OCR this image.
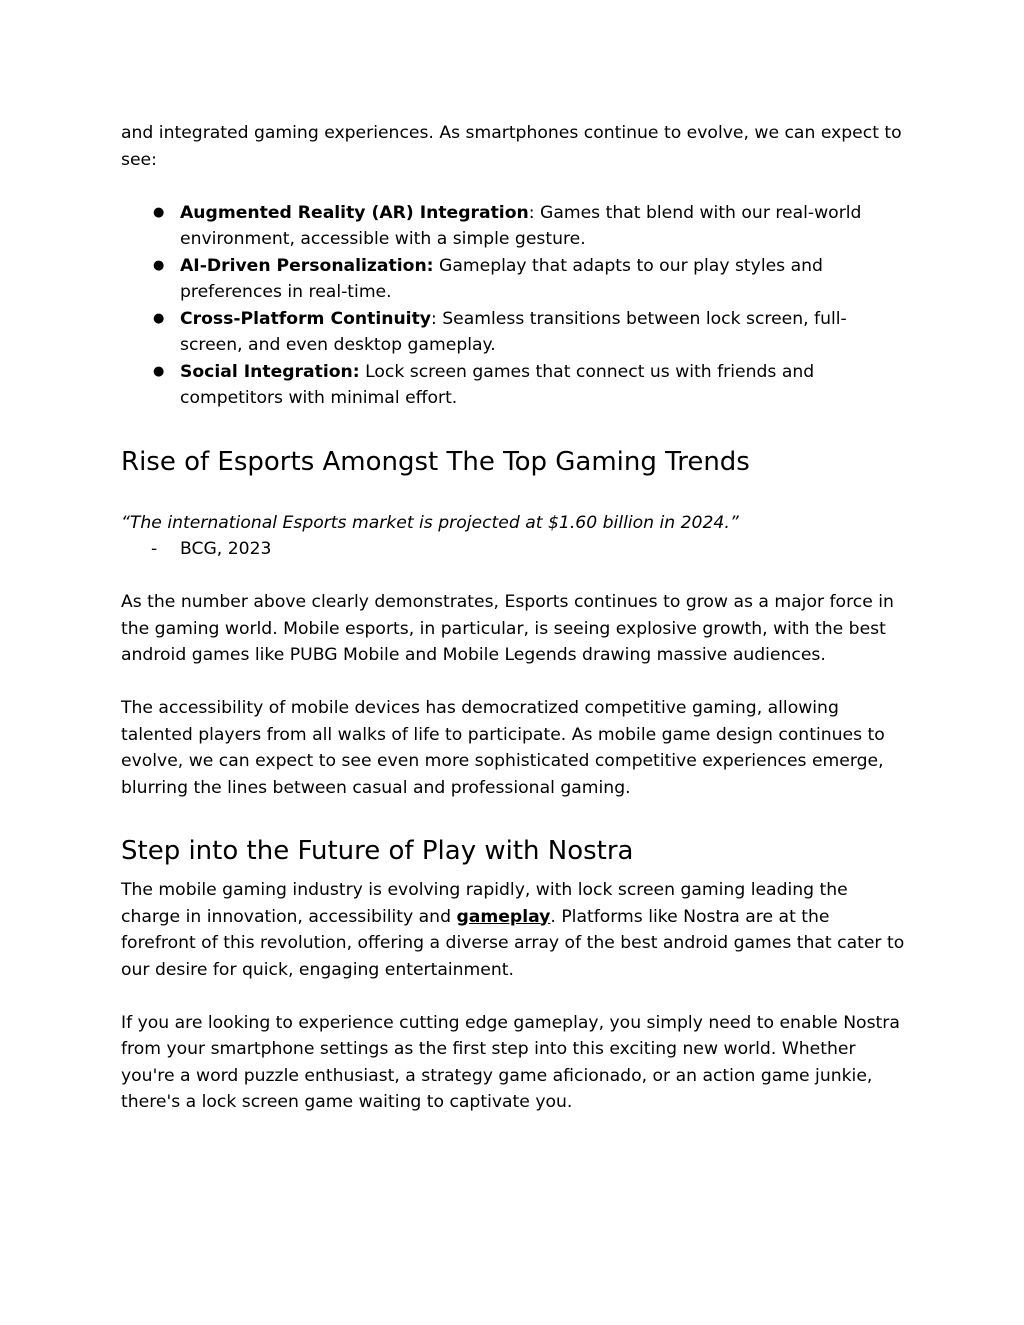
and integrated gaming experiences. As smartphones continue to evolve, we can expect to see:

● Augmented Reality (AR) Integration: Games that blend with our real-world environment, accessible with a simple gesture.
● AI-Driven Personalization: Gameplay that adapts to our play styles and preferences in real-time.
● Cross-Platform Continuity: Seamless transitions between lock screen, full-screen, and even desktop gameplay.
● Social Integration: Lock screen games that connect us with friends and competitors with minimal effort.
Rise of Esports Amongst The Top Gaming Trends

“The international Esports market is projected at $1.60 billion in 2024.”

- BCG, 2023

As the number above clearly demonstrates, Esports continues to grow as a major force in the gaming world. Mobile esports, in particular, is seeing explosive growth, with the best android games like PUBG Mobile and Mobile Legends drawing massive audiences.

The accessibility of mobile devices has democratized competitive gaming, allowing talented players from all walks of life to participate. As mobile game design continues to evolve, we can expect to see even more sophisticated competitive experiences emerge, blurring the lines between casual and professional gaming.

Step into the Future of Play with Nostra

The mobile gaming industry is evolving rapidly, with lock screen gaming leading the charge in innovation, accessibility and gameplay. Platforms like Nostra are at the forefront of this revolution, offering a diverse array of the best android games that cater to our desire for quick, engaging entertainment.

If you are looking to experience cutting edge gameplay, you simply need to enable Nostra from your smartphone settings as the first step into this exciting new world. Whether you're a word puzzle enthusiast, a strategy game aficionado, or an action game junkie, there's a lock screen game waiting to captivate you.
